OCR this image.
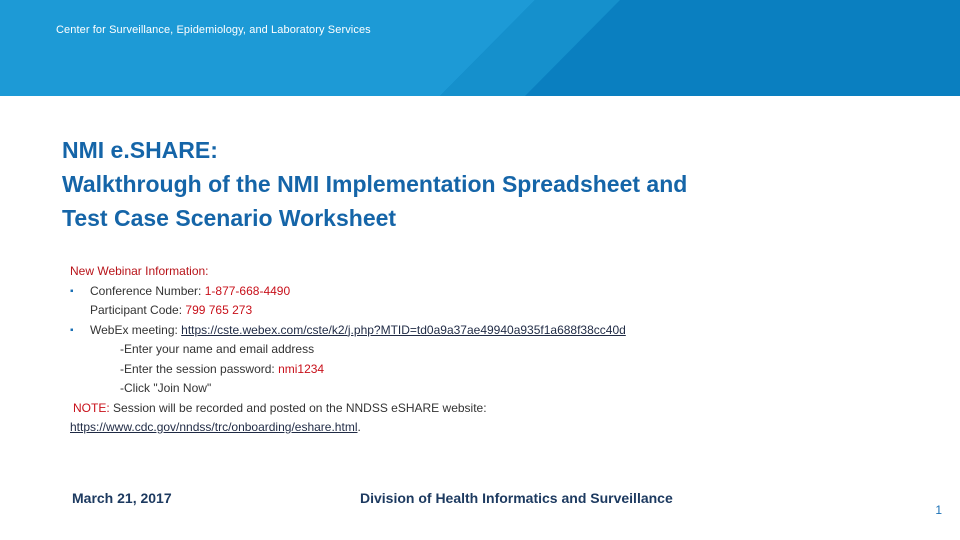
Center for Surveillance, Epidemiology, and Laboratory Services
NMI e.SHARE:
Walkthrough of the NMI Implementation Spreadsheet and
Test Case Scenario Worksheet
New Webinar Information:
▪ Conference Number: 1-877-668-4490
Participant Code: 799 765 273
▪ WebEx meeting: https://cste.webex.com/cste/k2/j.php?MTID=td0a9a37ae49940a935f1a688f38cc40d
-Enter your name and email address
-Enter the session password: nmi1234
-Click "Join Now"
NOTE: Session will be recorded and posted on the NNDSS eSHARE website:
https://www.cdc.gov/nndss/trc/onboarding/eshare.html.
March 21, 2017	Division of Health Informatics and Surveillance
1
